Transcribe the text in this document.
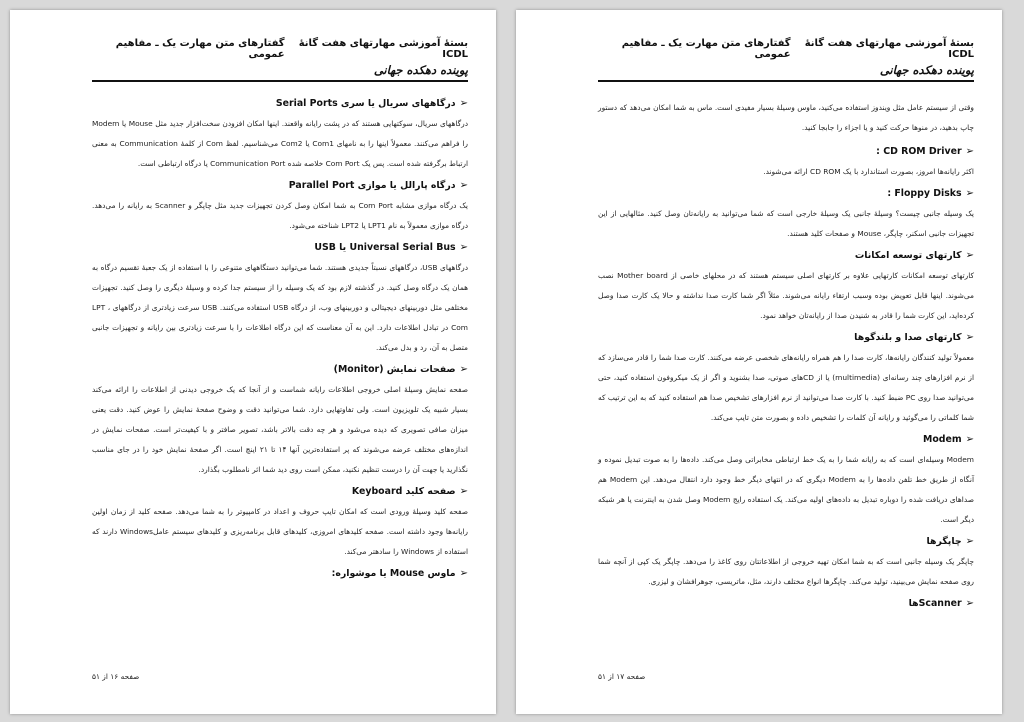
بستهٔ آموزشی مهارتهای هفت گانهٔ ICDL
گفتارهای متن مهارت یک ـ مفاهیم عمومی
پوینده دهکده جهانی
➢
درگاههای سریال یا سری Serial Ports

درگاههای سریال، سوکتهایی هستند که در پشت رایانه واقعند. اینها امکان افزودن سخت‌افزار جدید مثل Mouse یا Modem را فراهم می‌کنند. معمولاً اینها را به نامهای Com1 یا Com2 می‌شناسیم. لفظ Com از کلمهٔ Communication به معنی ارتباط برگرفته شده است. پس یک Com Port خلاصه شده Communication Port یا درگاه ارتباطی است.

➢
درگاه پارالل یا موازی Parallel Port

یک درگاه موازی مشابه Com Port به شما امکان وصل کردن تجهیزات جدید مثل چاپگر و Scanner به رایانه را می‌دهد. درگاه موازی معمولاً به نام LPT1 یا LPT2 شناخته می‌شود.

➢
Universal Serial Bus یا USB

درگاههای USB، درگاههای نسبتاً جدیدی هستند. شما می‌توانید دستگاههای متنوعی را با استفاده از یک جعبهٔ تقسیم درگاه به همان یک درگاه وصل کنید. در گذشته لازم بود که یک وسیله را از سیستم جدا کرده و وسیلهٔ دیگری را وصل کنید. تجهیزات مختلفی مثل دوربینهای دیجیتالی و دوربینهای وب، از درگاه USB استفاده می‌کنند. USB سرعت زیادتری از درگاههای LPT ، Com در تبادل اطلاعات دارد. این به آن معناست که این درگاه اطلاعات را با سرعت زیادتری بین رایانه و تجهیزات جانبی متصل به آن، رد و بدل می‌کند.

➢
صفحات نمایش (Monitor)

صفحه نمایش وسیلهٔ اصلی خروجی اطلاعات رایانه شماست و از آنجا که یک خروجی دیدنی از اطلاعات را ارائه می‌کند بسیار شبیه یک تلویزیون است. ولی تفاوتهایی دارد. شما می‌توانید دقت و وضوح صفحهٔ نمایش را عوض کنید. دقت یعنی میزان صافی تصویری که دیده می‌شود و هر چه دقت بالاتر باشد، تصویر صافتر و با کیفیت‌تر است. صفحات نمایش در اندازه‌های مختلف عرضه می‌شوند که پر استفاده‌ترین آنها ۱۴ تا ۲۱ اینچ است. اگر صفحهٔ نمایش خود را در جای مناسب نگذارید یا جهت آن را درست تنظیم نکنید، ممکن است روی دید شما اثر نامطلوب بگذارد.

➢
صفحه کلید Keyboard

صفحه کلید وسیلهٔ ورودی است که امکان تایپ حروف و اعداد در کامپیوتر را به شما می‌دهد. صفحه کلید از زمان اولین رایانه‌ها وجود داشته است. صفحه کلیدهای امروزی، کلیدهای قابل برنامه‌ریزی و کلیدهای سیستم عاملWindows دارند که استفاده از Windows را سادهتر می‌کند.

➢
ماوس Mouse یا موشواره:
صفحه ۱۶ از ۵۱
بستهٔ آموزشی مهارتهای هفت گانهٔ ICDL
گفتارهای متن مهارت یک ـ مفاهیم عمومی
پوینده دهکده جهانی

وقتی از سیستم عامل مثل ویندوز استفاده می‌کنید، ماوس وسیلهٔ بسیار مفیدی است. ماس به شما امکان می‌دهد که دستور چاپ بدهید، در منوها حرکت کنید و یا اجزاء را جابجا کنید.

➢
CD ROM Driver :

اکثر رایانه‌ها امروز، بصورت استاندارد با یک CD ROM ارائه می‌شوند.

➢
Floppy Disks :

یک وسیله جانبی چیست؟ وسیلهٔ جانبی یک وسیلهٔ خارجی است که شما می‌توانید به رایانه‌تان وصل کنید. مثالهایی از این تجهیزات جانبی اسکنر، چاپگر، Mouse و صفحات کلید هستند.

➢
کارتهای توسعه امکانات

کارتهای توسعه امکانات کارتهایی علاوه بر کارتهای اصلی سیستم هستند که در محلهای خاصی از Mother board نصب می‌شوند. اینها قابل تعویض بوده وسبب ارتقاء رایانه می‌شوند. مثلاً اگر شما کارت صدا نداشته و حالا یک کارت صدا وصل کرده‌اید، این کارت شما را قادر به شنیدن صدا از رایانه‌تان خواهد نمود.

➢
کارتهای صدا و بلندگوها

معمولاً تولید کنندگان رایانه‌ها، کارت صدا را هم همراه رایانه‌های شخصی عرضه می‌کنند. کارت صدا شما را قادر می‌سازد که از نرم افزارهای چند رسانه‌ای (multimedia) یا از CDهای صوتی، صدا بشنوید و اگر از یک میکروفون استفاده کنید، حتی می‌توانید صدا روی PC ضبط کنید. با کارت صدا می‌توانید از نرم افزارهای تشخیص صدا هم استفاده کنید که به این ترتیب که شما کلماتی را می‌گوئید و رایانه آن کلمات را تشخیص داده و بصورت متن تایپ می‌کند.

➢
Modem

Modem وسیله‌ای است که به رایانه شما را به یک خط ارتباطی مخابراتی وصل می‌کند. داده‌ها را به صوت تبدیل نموده و آنگاه از طریق خط تلفن داده‌ها را به Modem دیگری که در انتهای دیگر خط وجود دارد انتقال می‌دهد. این Modem هم صداهای دریافت شده را دوباره تبدیل به داده‌های اولیه می‌کند. یک استفاده رایج Modem وصل شدن به اینترنت یا هر شبکه دیگر است.

➢
چاپگرها

چاپگر یک وسیله جانبی است که به شما امکان تهیه خروجی از اطلاعاتتان روی کاغذ را می‌دهد. چاپگر یک کپی از آنچه شما روی صفحه نمایش می‌بینید، تولید می‌کند. چاپگرها انواع مختلف دارند، مثل، ماتریسی، جوهرافشان و لیزری.

➢
Scannerها
صفحه ۱۷ از ۵۱
